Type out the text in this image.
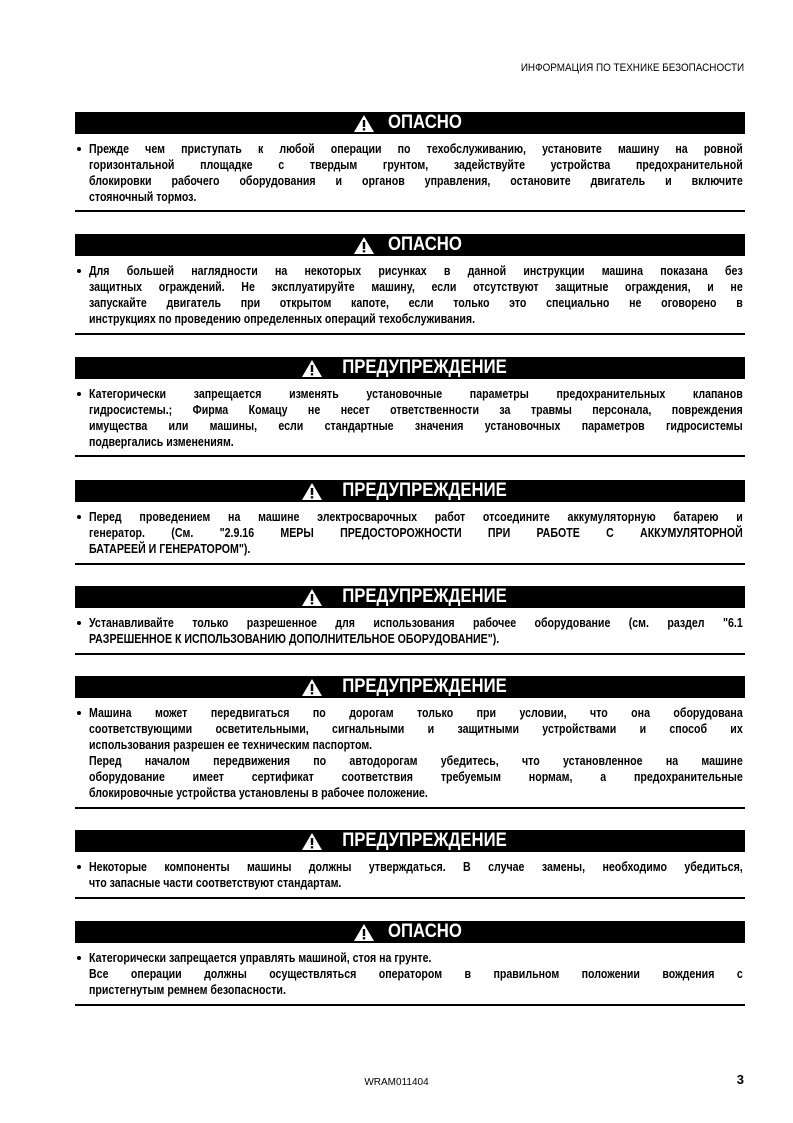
ИНФОРМАЦИЯ ПО ТЕХНИКЕ БЕЗОПАСНОСТИ
ОПАСНО
Прежде чем приступать к любой операции по техобслуживанию, установите машину на ровной
горизонтальной площадке с твердым грунтом, задействуйте устройства предохранительной
блокировки рабочего оборудования и органов управления, остановите двигатель и включите
стояночный тормоз.
ОПАСНО
Для большей наглядности на некоторых рисунках в данной инструкции машина показана без
защитных ограждений. Не эксплуатируйте машину, если отсутствуют защитные ограждения, и не
запускайте двигатель при открытом капоте, если только это специально не оговорено в
инструкциях по проведению определенных операций техобслуживания.
ПРЕДУПРЕЖДЕНИЕ
Категорически запрещается изменять установочные параметры предохранительных клапанов
гидросистемы.; Фирма Комацу не несет ответственности за травмы персонала, повреждения
имущества или машины, если стандартные значения установочных параметров гидросистемы
подвергались изменениям.
ПРЕДУПРЕЖДЕНИЕ
Перед проведением на машине электросварочных работ отсоедините аккумуляторную батарею и
генератор. (См. "2.9.16 МЕРЫ ПРЕДОСТОРОЖНОСТИ ПРИ РАБОТЕ С АККУМУЛЯТОРНОЙ
БАТАРЕЕЙ И ГЕНЕРАТОРОМ").
ПРЕДУПРЕЖДЕНИЕ
Устанавливайте только разрешенное для использования рабочее оборудование (см. раздел "6.1
РАЗРЕШЕННОЕ К ИСПОЛЬЗОВАНИЮ ДОПОЛНИТЕЛЬНОЕ ОБОРУДОВАНИЕ").
ПРЕДУПРЕЖДЕНИЕ
Машина может передвигаться по дорогам только при условии, что она оборудована
соответствующими осветительными, сигнальными и защитными устройствами и способ их
использования разрешен ее техническим паспортом.
Перед началом передвижения по автодорогам убедитесь, что установленное на машине
оборудование имеет сертификат соответствия требуемым нормам, а предохранительные
блокировочные устройства установлены в рабочее положение.
ПРЕДУПРЕЖДЕНИЕ
Некоторые компоненты машины должны утверждаться. В случае замены, необходимо убедиться,
что запасные части соответствуют стандартам.
ОПАСНО
Категорически запрещается управлять машиной, стоя на грунте.
Все операции должны осуществляться оператором в правильном положении вождения с
пристегнутым ремнем безопасности.
WRAM011404	3
